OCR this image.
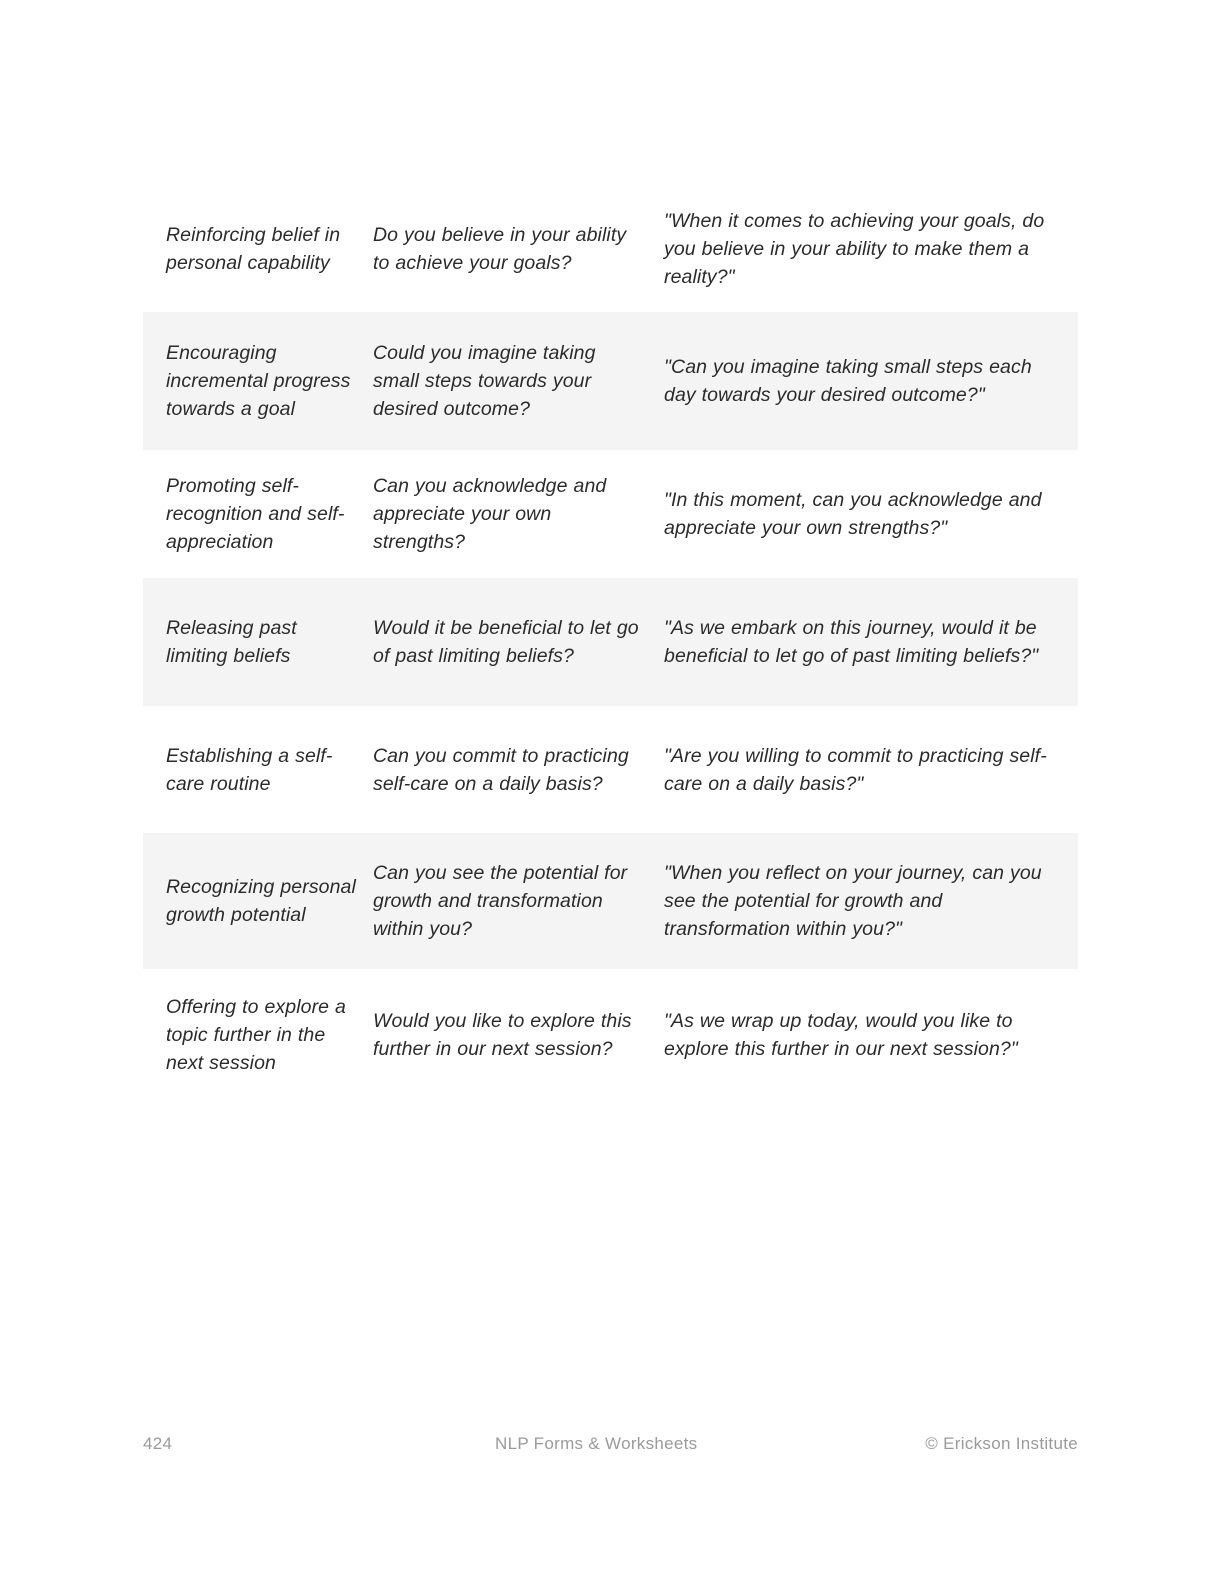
Reinforcing belief in personal capability
Do you believe in your ability to achieve your goals?
"When it comes to achieving your goals, do you believe in your ability to make them a reality?"
Encouraging incremental progress towards a goal
Could you imagine taking small steps towards your desired outcome?
"Can you imagine taking small steps each day towards your desired outcome?"
Promoting self-recognition and self-appreciation
Can you acknowledge and appreciate your own strengths?
"In this moment, can you acknowledge and appreciate your own strengths?"
Releasing past limiting beliefs
Would it be beneficial to let go of past limiting beliefs?
"As we embark on this journey, would it be beneficial to let go of past limiting beliefs?"
Establishing a self-care routine
Can you commit to practicing self-care on a daily basis?
"Are you willing to commit to practicing self-care on a daily basis?"
Recognizing personal growth potential
Can you see the potential for growth and transformation within you?
"When you reflect on your journey, can you see the potential for growth and transformation within you?"
Offering to explore a topic further in the next session
Would you like to explore this further in our next session?
"As we wrap up today, would you like to explore this further in our next session?"
424	NLP Forms & Worksheets	© Erickson Institute
